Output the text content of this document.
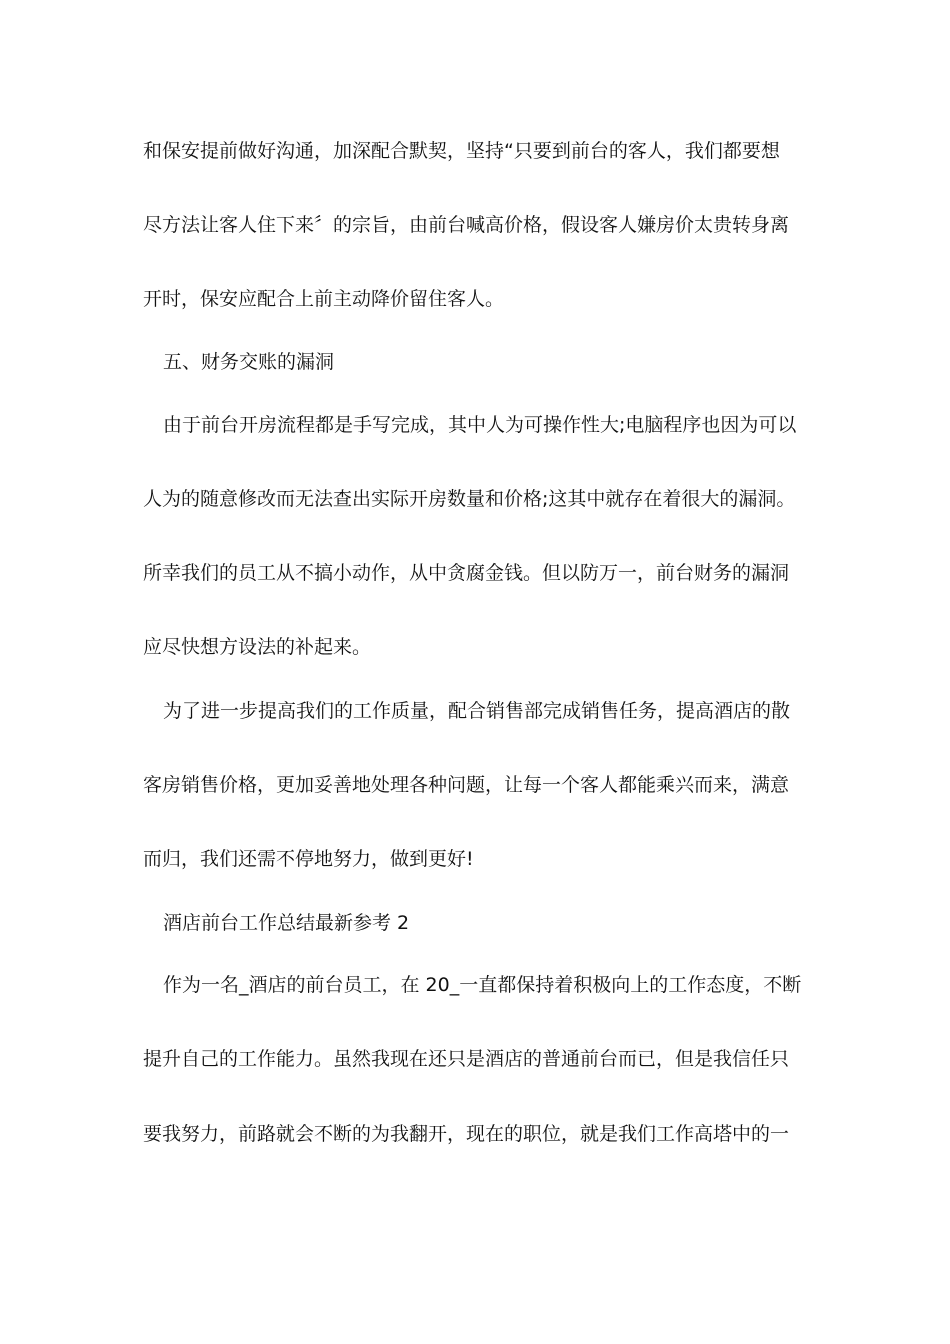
和保安提前做好沟通，加深配合默契，坚持“只要到前台的客人，我们都要想
尽方法让客人住下来〞的宗旨，由前台喊高价格，假设客人嫌房价太贵转身离
开时，保安应配合上前主动降价留住客人。
五、财务交账的漏洞
由于前台开房流程都是手写完成，其中人为可操作性大;电脑程序也因为可以
人为的随意修改而无法查出实际开房数量和价格;这其中就存在着很大的漏洞。
所幸我们的员工从不搞小动作，从中贪腐金钱。但以防万一，前台财务的漏洞
应尽快想方设法的补起来。
为了进一步提高我们的工作质量，配合销售部完成销售任务，提高酒店的散
客房销售价格，更加妥善地处理各种问题，让每一个客人都能乘兴而来，满意
而归，我们还需不停地努力，做到更好!
酒店前台工作总结最新参考 2
作为一名_酒店的前台员工，在 20_一直都保持着积极向上的工作态度，不断
提升自己的工作能力。虽然我现在还只是酒店的普通前台而已，但是我信任只
要我努力，前路就会不断的为我翻开，现在的职位，就是我们工作高塔中的一
